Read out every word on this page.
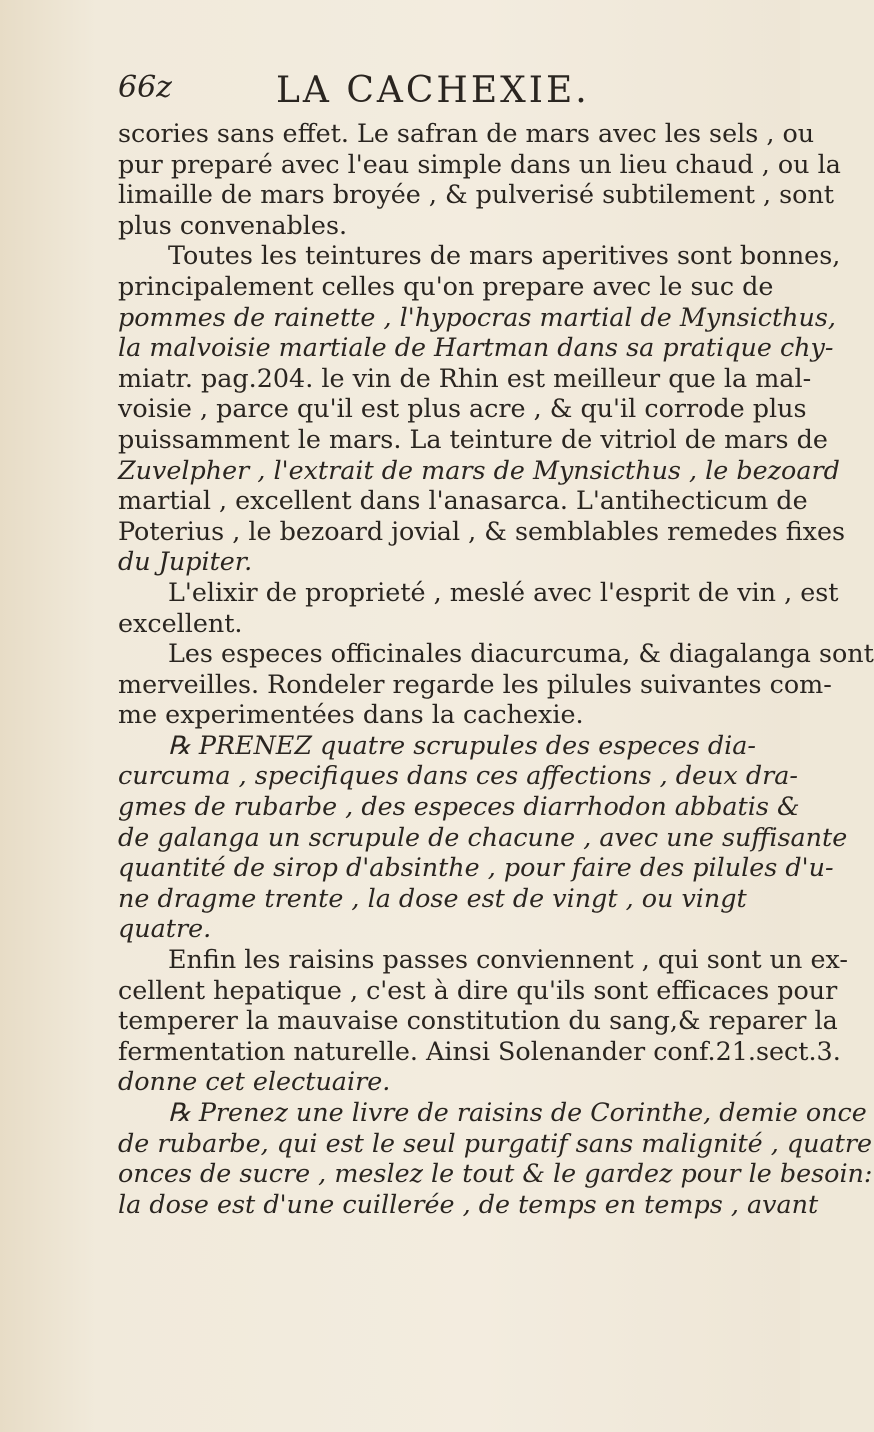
66z	LA CACHEXIE.

scories sans effet. Le safran de mars avec les sels , ou
pur preparé avec l'eau simple dans un lieu chaud , ou la
limaille de mars broyée , & pulverisé subtilement , sont
plus convenables.

Toutes les teintures de mars aperitives sont bonnes,
principalement celles qu'on prepare avec le suc de
pommes de rainette , l'hypocras martial de Mynsicthus,
la malvoisie martiale de Hartman dans sa pratique chy-
miatr. pag.204. le vin de Rhin est meilleur que la mal-
voisie , parce qu'il est plus acre , & qu'il corrode plus
puissamment le mars. La teinture de vitriol de mars de
Zuvelpher , l'extrait de mars de Mynsicthus , le bezoard
martial , excellent dans l'anasarca. L'antihecticum de
Poterius , le bezoard jovial , & semblables remedes fixes
du Jupiter.

L'elixir de proprieté , meslé avec l'esprit de vin , est
excellent.

Les especes officinales diacurcuma, & diagalanga sont
merveilles. Rondeler regarde les pilules suivantes com-
me experimentées dans la cachexie.

℞ PRENEZ quatre scrupules des especes dia-
curcuma , specifiques dans ces affections , deux dra-
gmes de rubarbe , des especes diarrhodon abbatis &
de galanga un scrupule de chacune , avec une suffisante
quantité de sirop d'absinthe , pour faire des pilules d'u-
ne dragme trente , la dose est de vingt , ou vingt
quatre.

Enfin les raisins passes conviennent , qui sont un ex-
cellent hepatique , c'est à dire qu'ils sont efficaces pour
temperer la mauvaise constitution du sang,& reparer la
fermentation naturelle. Ainsi Solenander conf.21.sect.3.
donne cet electuaire.

℞ Prenez une livre de raisins de Corinthe, demie once
de rubarbe, qui est le seul purgatif sans malignité , quatre
onces de sucre , meslez le tout & le gardez pour le besoin:
la dose est d'une cuillerée , de temps en temps , avant
